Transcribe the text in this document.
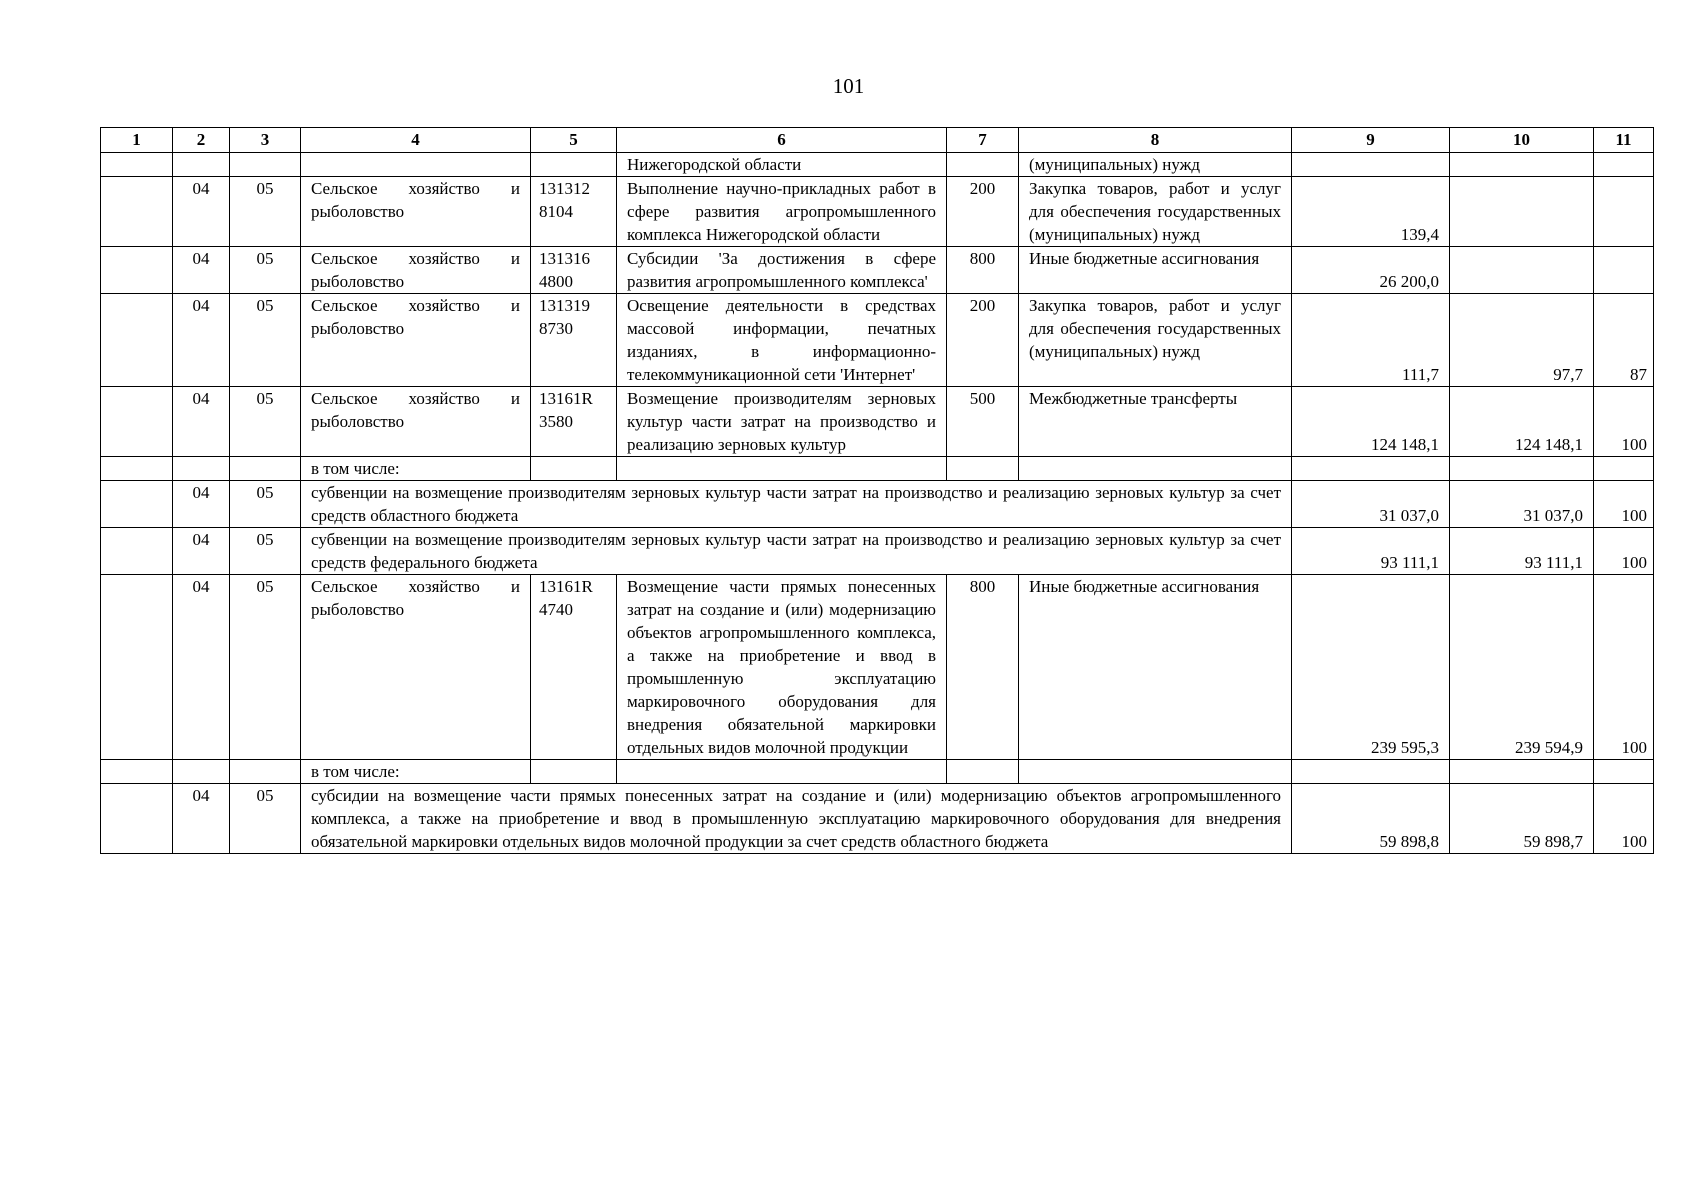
101
1	2	3	4	5	6	7	8	9	10	11
					Нижегородской области		(муниципальных) нужд			
	04	05	Сельское хозяйство и рыболовство	131312 8104	Выполнение научно-прикладных работ в сфере развития агропромышленного комплекса Нижегородской области	200	Закупка товаров, работ и услуг для обеспечения государственных (муниципальных) нужд	139,4		
	04	05	Сельское хозяйство и рыболовство	131316 4800	Субсидии 'За достижения в сфере развития агропромышленного комплекса'	800	Иные бюджетные ассигнования	26 200,0		
	04	05	Сельское хозяйство и рыболовство	131319 8730	Освещение деятельности в средствах массовой информации, печатных изданиях, в информационно-телекоммуникационной сети 'Интернет'	200	Закупка товаров, работ и услуг для обеспечения государственных (муниципальных) нужд	111,7	97,7	87
	04	05	Сельское хозяйство и рыболовство	13161R 3580	Возмещение производителям зерновых культур части затрат на производство и реализацию зерновых культур	500	Межбюджетные трансферты	124 148,1	124 148,1	100
			в том числе:							
	04	05	субвенции на возмещение производителям зерновых культур части затрат на производство и реализацию зерновых культур за счет средств областного бюджета					31 037,0	31 037,0	100
	04	05	субвенции на возмещение производителям зерновых культур части затрат на производство и реализацию зерновых культур за счет средств федерального бюджета					93 111,1	93 111,1	100
	04	05	Сельское хозяйство и рыболовство	13161R 4740	Возмещение части прямых понесенных затрат на создание и (или) модернизацию объектов агропромышленного комплекса, а также на приобретение и ввод в промышленную эксплуатацию маркировочного оборудования для внедрения обязательной маркировки отдельных видов молочной продукции	800	Иные бюджетные ассигнования	239 595,3	239 594,9	100
			в том числе:							
	04	05	субсидии на возмещение части прямых понесенных затрат на создание и (или) модернизацию объектов агропромышленного комплекса, а также на приобретение и ввод в промышленную эксплуатацию маркировочного оборудования для внедрения обязательной маркировки отдельных видов молочной продукции за счет средств областного бюджета					59 898,8	59 898,7	100
